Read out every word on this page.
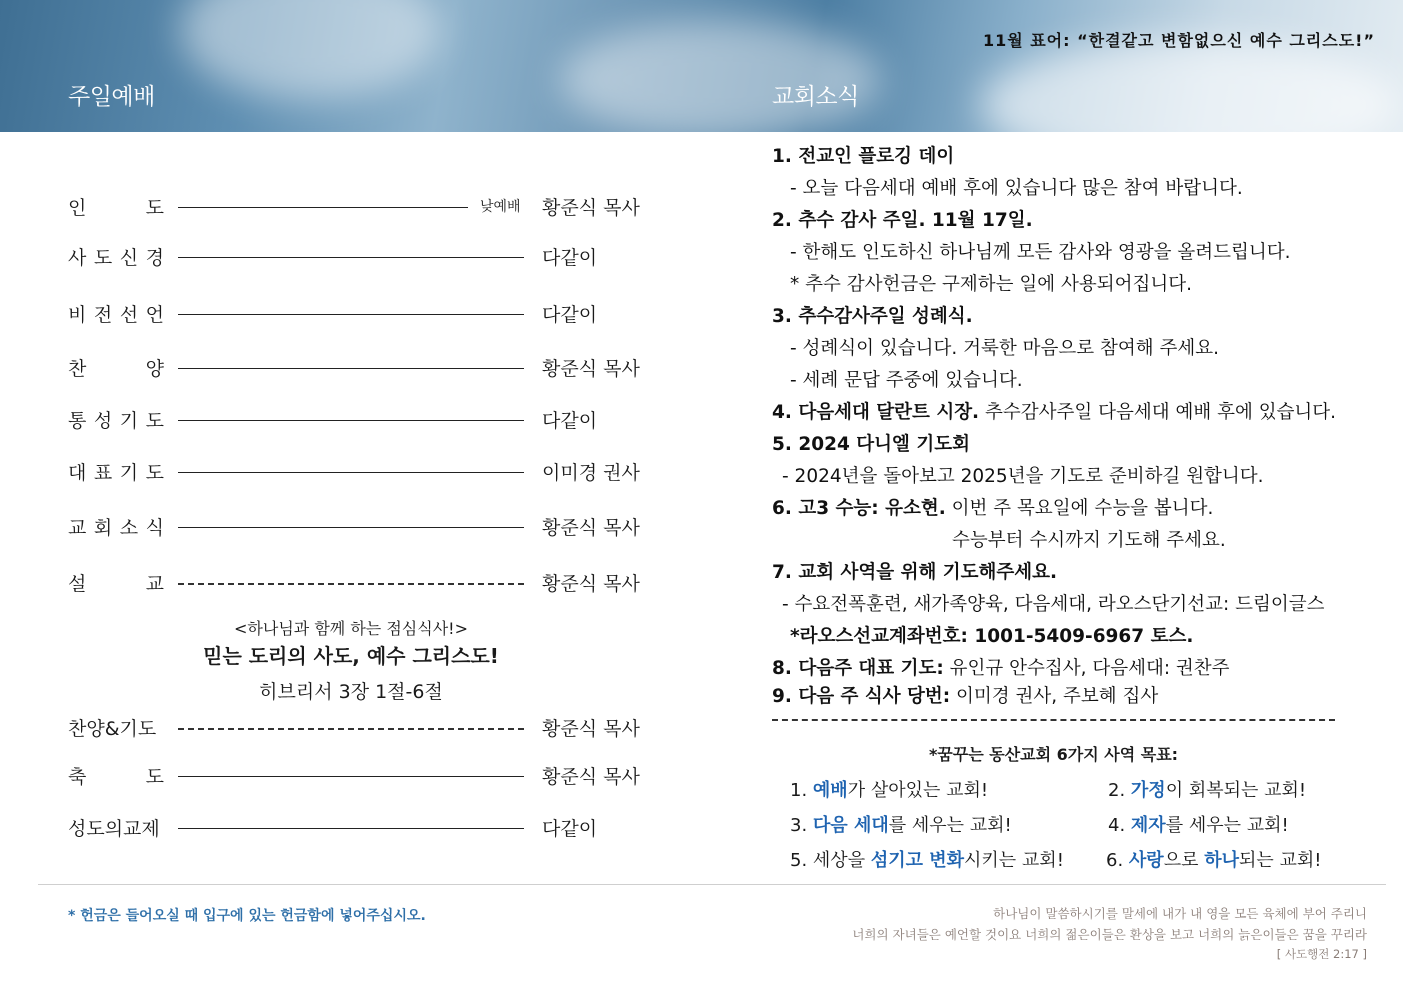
11월 표어: “한결같고 변함없으신 예수 그리스도!”
주일예배	교회소식
인	도	낮예배 황준식 목사
사 도 신 경	다같이
비 전 선 언	다같이
찬	양	황준식 목사
통 성 기 도	다같이
대 표 기 도	이미경 권사
교 회 소 식	황준식 목사
설	교	황준식 목사
<하나님과 함께 하는 점심식사!>
믿는 도리의 사도, 예수 그리스도!
히브리서 3장 1절-6절
찬양&기도	황준식 목사
축	도	황준식 목사
성도의교제	다같이
1. 전교인 플로깅 데이
- 오늘 다음세대 예배 후에 있습니다 많은 참여 바랍니다.
2. 추수 감사 주일. 11월 17일.
- 한해도 인도하신 하나님께 모든 감사와 영광을 올려드립니다.
* 추수 감사헌금은 구제하는 일에 사용되어집니다.
3. 추수감사주일 성례식.
- 성례식이 있습니다. 거룩한 마음으로 참여해 주세요.
- 세례 문답 주중에 있습니다.
4. 다음세대 달란트 시장. 추수감사주일 다음세대 예배 후에 있습니다.
5. 2024 다니엘 기도회
- 2024년을 돌아보고 2025년을 기도로 준비하길 원합니다.
6. 고3 수능: 유소현. 이번 주 목요일에 수능을 봅니다.
수능부터 수시까지 기도해 주세요.
7. 교회 사역을 위해 기도해주세요.
- 수요전폭훈련, 새가족양육, 다음세대, 라오스단기선교: 드림이글스
*라오스선교계좌번호: 1001-5409-6967 토스.
8. 다음주 대표 기도: 유인규 안수집사, 다음세대: 권찬주
9. 다음 주 식사 당번: 이미경 권사, 주보혜 집사
*꿈꾸는 동산교회 6가지 사역 목표:
1. 예배가 살아있는 교회!	2. 가정이 회복되는 교회!
3. 다음 세대를 세우는 교회!	4. 제자를 세우는 교회!
5. 세상을 섬기고 변화시키는 교회! 6. 사랑으로 하나되는 교회!
* 헌금은 들어오실 때 입구에 있는 헌금함에 넣어주십시오.	하나님이 말씀하시기를 말세에 내가 내 영을 모든 육체에 부어 주리니
너희의 자녀들은 예언할 것이요 너희의 젊은이들은 환상을 보고 너희의 늙은이들은 꿈을 꾸리라
[ 사도행전 2:17 ]
